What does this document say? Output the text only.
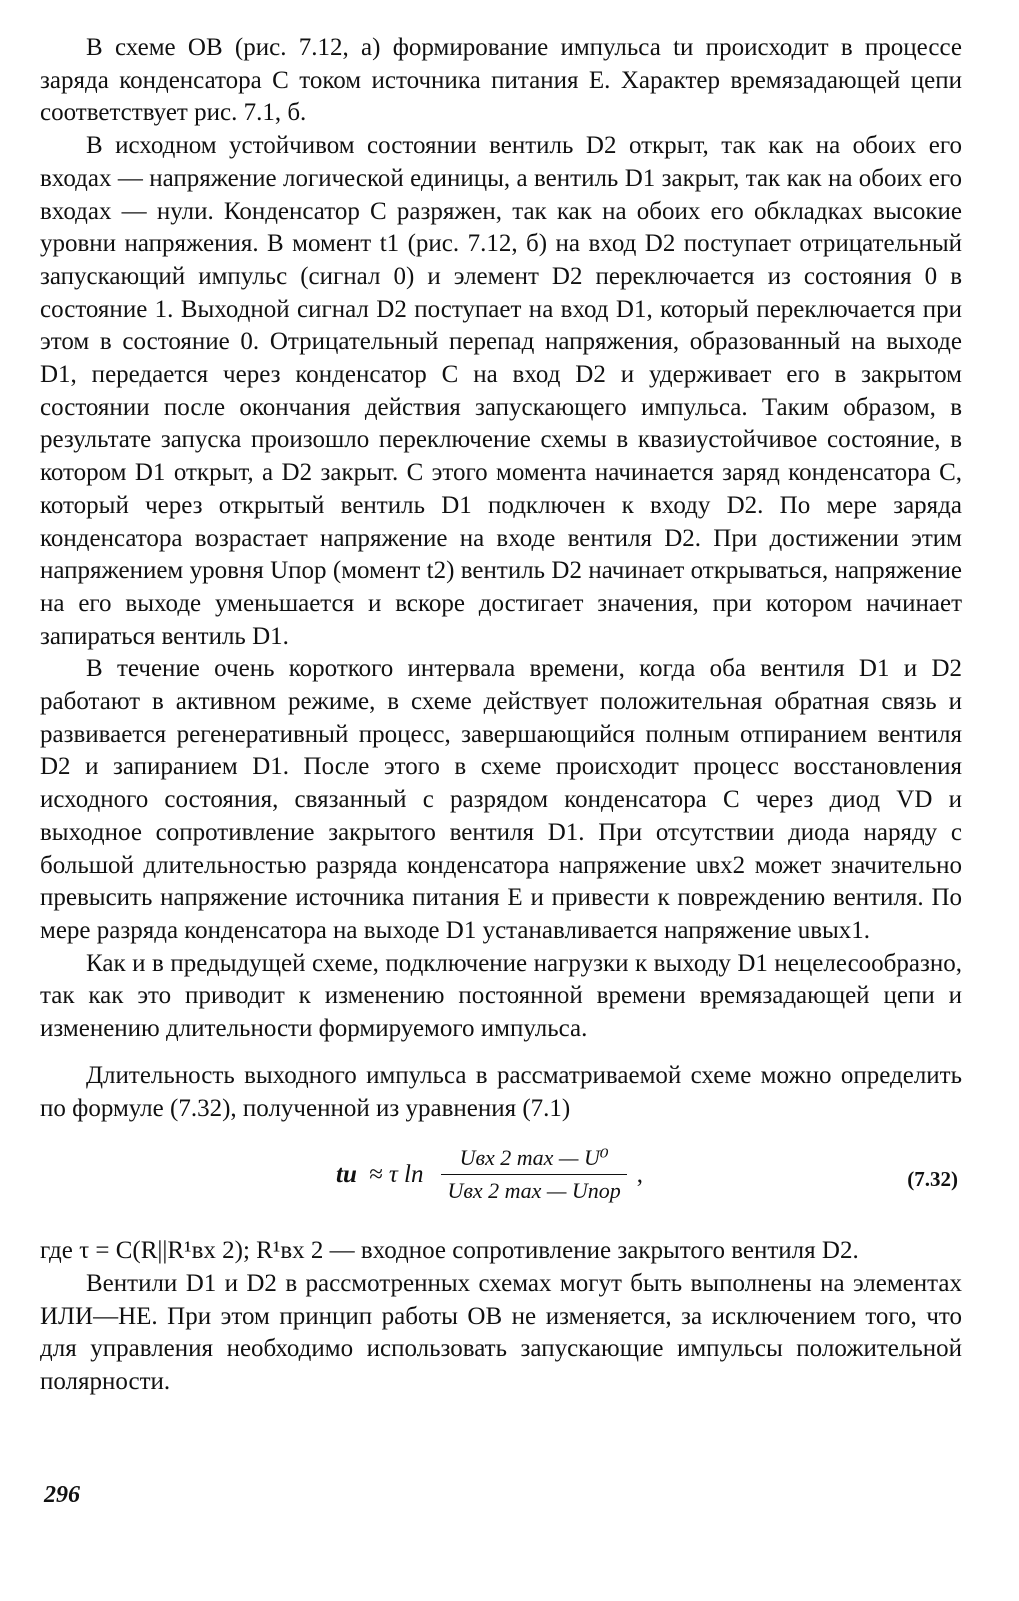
В схеме ОВ (рис. 7.12, а) формирование импульса tи происходит в процессе заряда конденсатора С током источника питания Е. Характер времязадающей цепи соответствует рис. 7.1, б.

В исходном устойчивом состоянии вентиль D2 открыт, так как на обоих его входах — напряжение логической единицы, а вентиль D1 закрыт, так как на обоих его входах — нули. Конденсатор С разряжен, так как на обоих его обкладках высокие уровни напряжения. В момент t1 (рис. 7.12, б) на вход D2 поступает отрицательный запускающий импульс (сигнал 0) и элемент D2 переключается из состояния 0 в состояние 1. Выходной сигнал D2 поступает на вход D1, который переключается при этом в состояние 0. Отрицательный перепад напряжения, образованный на выходе D1, передается через конденсатор С на вход D2 и удерживает его в закрытом состоянии после окончания действия запускающего импульса. Таким образом, в результате запуска произошло переключение схемы в квазиустойчивое состояние, в котором D1 открыт, а D2 закрыт. С этого момента начинается заряд конденсатора С, который через открытый вентиль D1 подключен к входу D2. По мере заряда конденсатора возрастает напряжение на входе вентиля D2. При достижении этим напряжением уровня Uпор (момент t2) вентиль D2 начинает открываться, напряжение на его выходе уменьшается и вскоре достигает значения, при котором начинает запираться вентиль D1.

В течение очень короткого интервала времени, когда оба вентиля D1 и D2 работают в активном режиме, в схеме действует положительная обратная связь и развивается регенеративный процесс, завершающийся полным отпиранием вентиля D2 и запиранием D1. После этого в схеме происходит процесс восстановления исходного состояния, связанный с разрядом конденсатора С через диод VD и выходное сопротивление закрытого вентиля D1. При отсутствии диода наряду с большой длительностью разряда конденсатора напряжение uвх2 может значительно превысить напряжение источника питания Е и привести к повреждению вентиля. По мере разряда конденсатора на выходе D1 устанавливается напряжение uвых1.

Как и в предыдущей схеме, подключение нагрузки к выходу D1 нецелесообразно, так как это приводит к изменению постоянной времени времязадающей цепи и изменению длительности формируемого импульса.

Длительность выходного импульса в рассматриваемой схеме можно определить по формуле (7.32), полученной из уравнения (7.1)

tи ≈ τ $\ln \frac{\text{Uвх 2 max — U⁰}}{\text{Uвх 2 max — Uпор}}$ ,	(7.32)

где τ = C(R||R¹вх 2); R¹вх 2 — входное сопротивление закрытого вентиля D2.

Вентили D1 и D2 в рассмотренных схемах могут быть выполнены на элементах ИЛИ—НЕ. При этом принцип работы ОВ не изменяется, за исключением того, что для управления необходимо использовать запускающие импульсы положительной полярности.

296
